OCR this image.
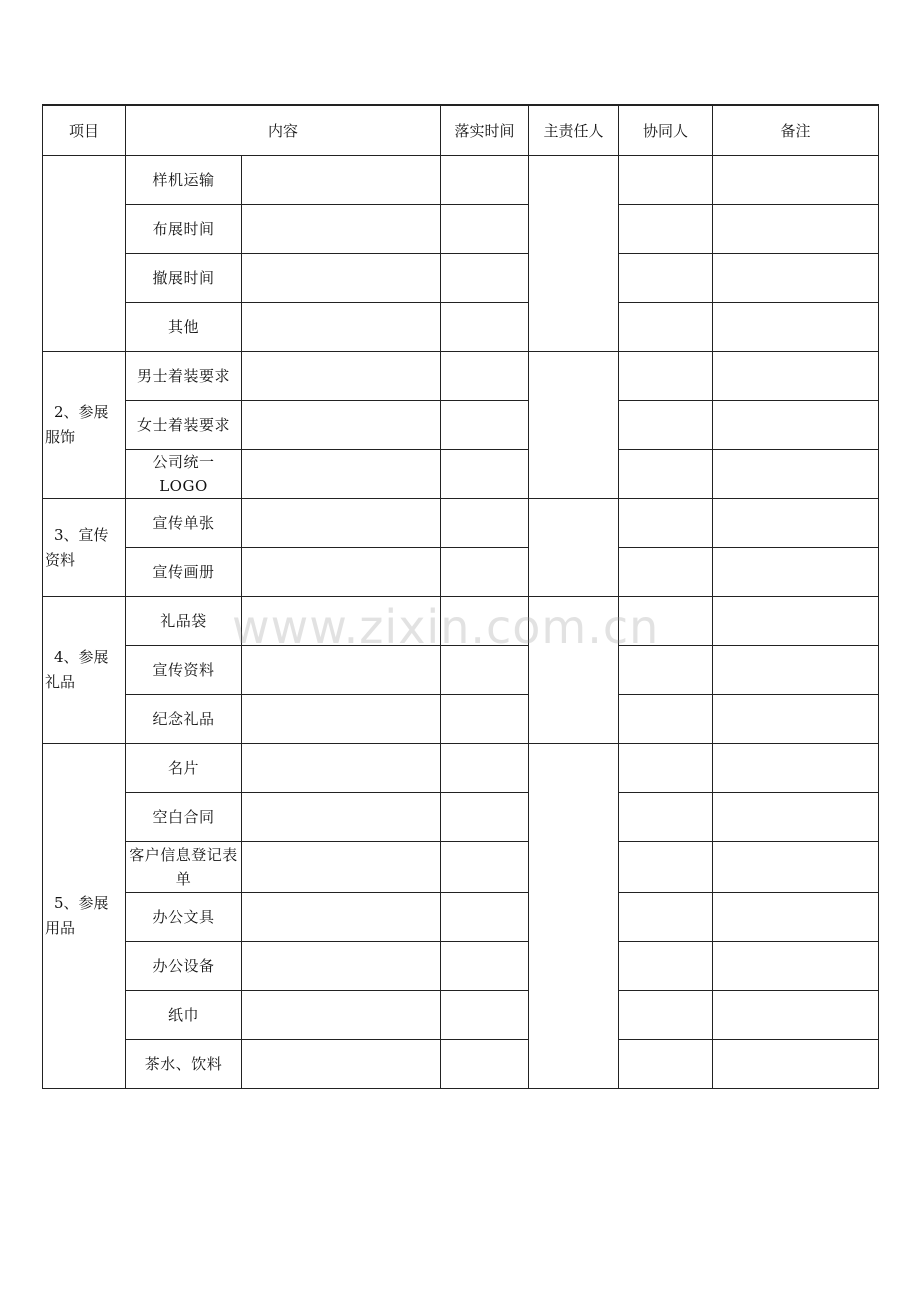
项目	内容		落实时间	主责任人	协同人	备注

	样机运输					
	布展时间					
	撤展时间					
	其他					
2、参展
服饰	男士着装要求					
	女士着装要求					
	公司统一LOGO					
3、宣传
资料	宣传单张					
	宣传画册					
4、参展
礼品	礼品袋					
	宣传资料					
	纪念礼品					
5、参展
用品	名片					
	空白合同					
	客户信息登记表单					
	办公文具					
	办公设备					
	纸巾					
	茶水、饮料					
www.zixin.com.cn
